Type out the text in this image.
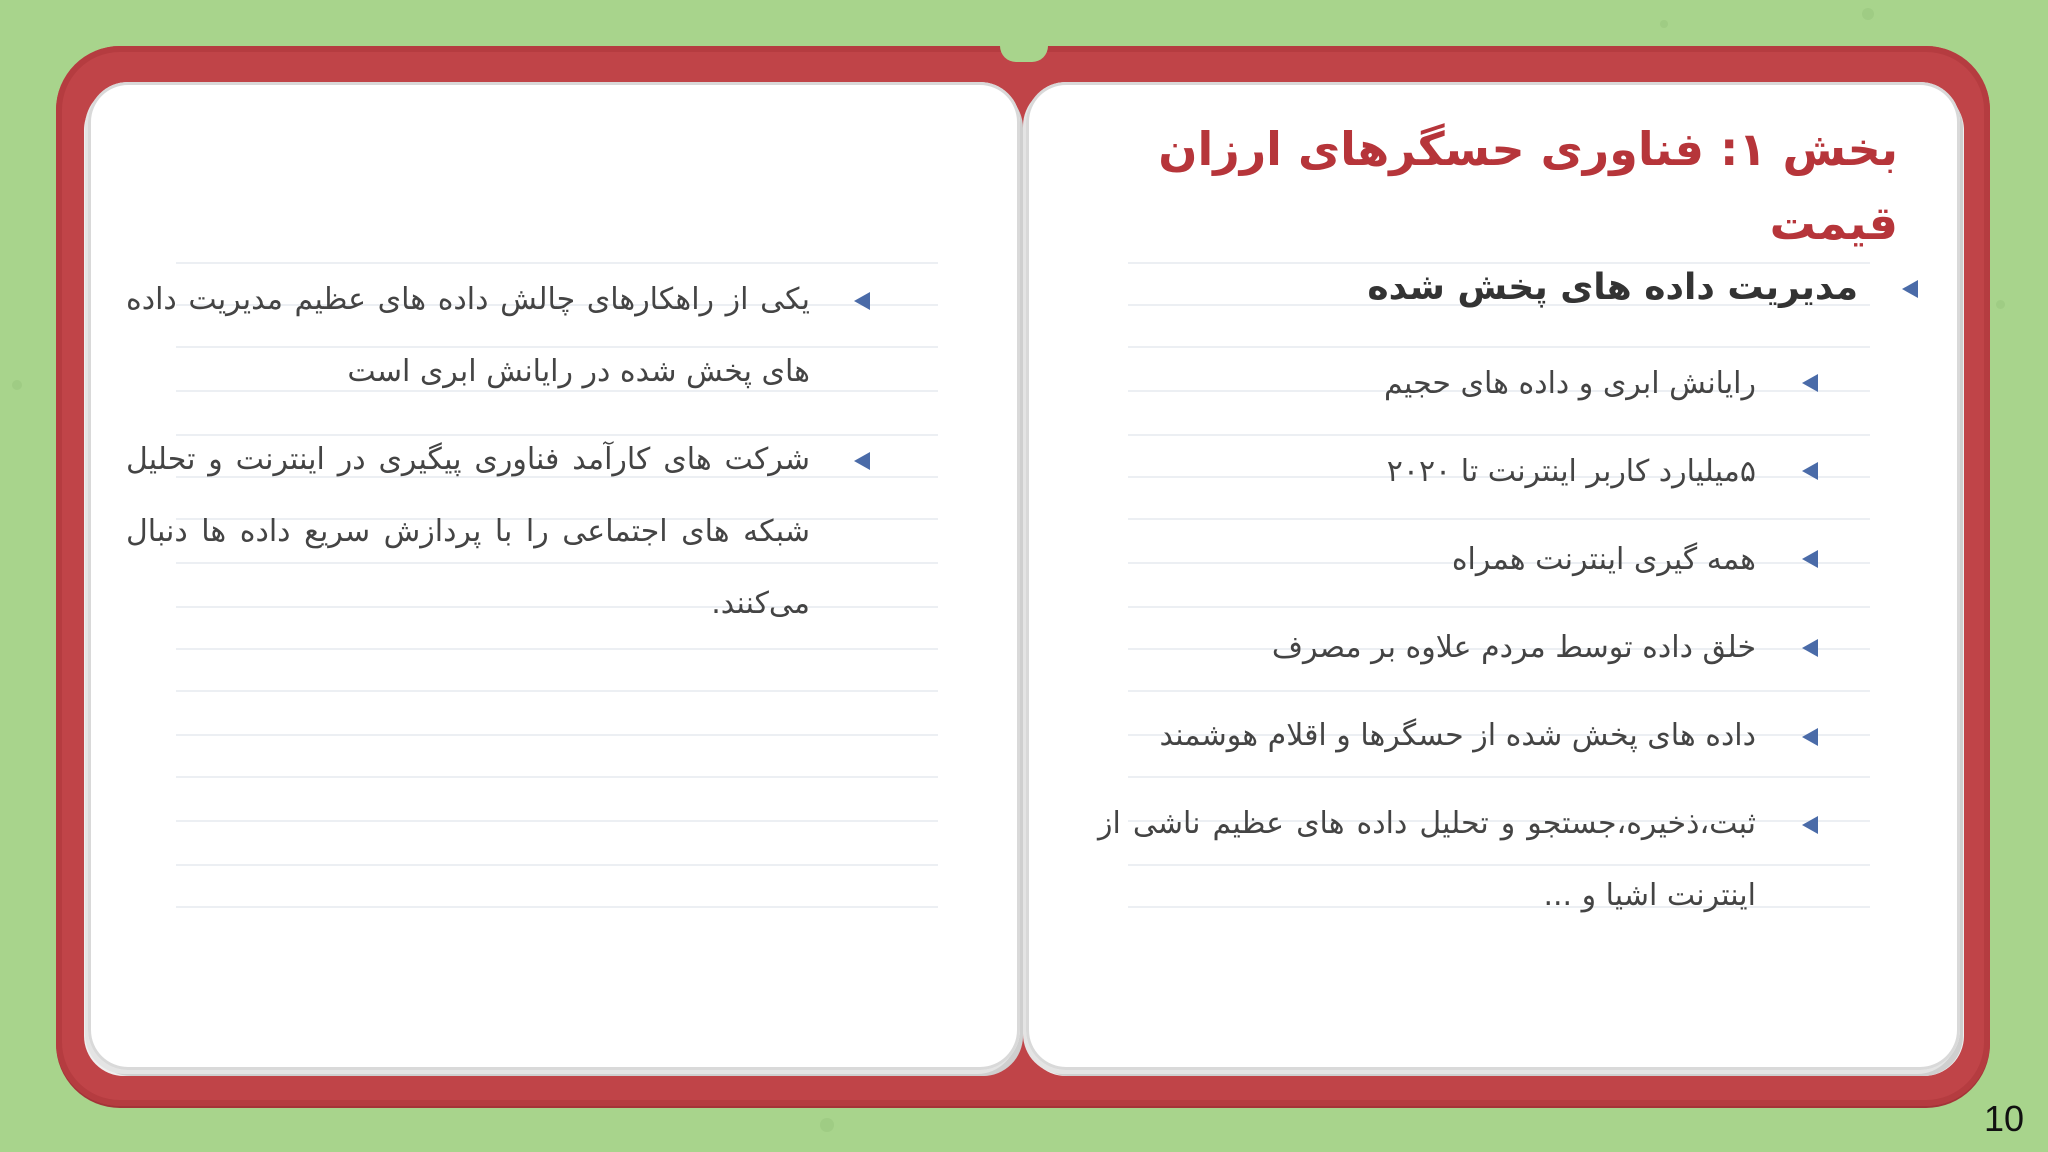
بخش ۱: فناوری حسگرهای ارزان قیمت
مدیریت داده های پخش شده
رایانش ابری و داده های حجیم
۵میلیارد کاربر اینترنت تا ۲۰۲۰
همه گیری اینترنت همراه
خلق داده توسط مردم علاوه بر مصرف
داده های پخش شده از حسگرها و اقلام هوشمند
ثبت،ذخیره،جستجو و تحلیل داده های عظیم ناشی از اینترنت اشیا و ...
یکی از راهکارهای چالش داده های عظیم مدیریت داده های پخش شده در رایانش ابری است
شرکت های کارآمد فناوری پیگیری در اینترنت و تحلیل شبکه های اجتماعی را با پردازش سریع داده ها دنبال می‌کنند.
10
